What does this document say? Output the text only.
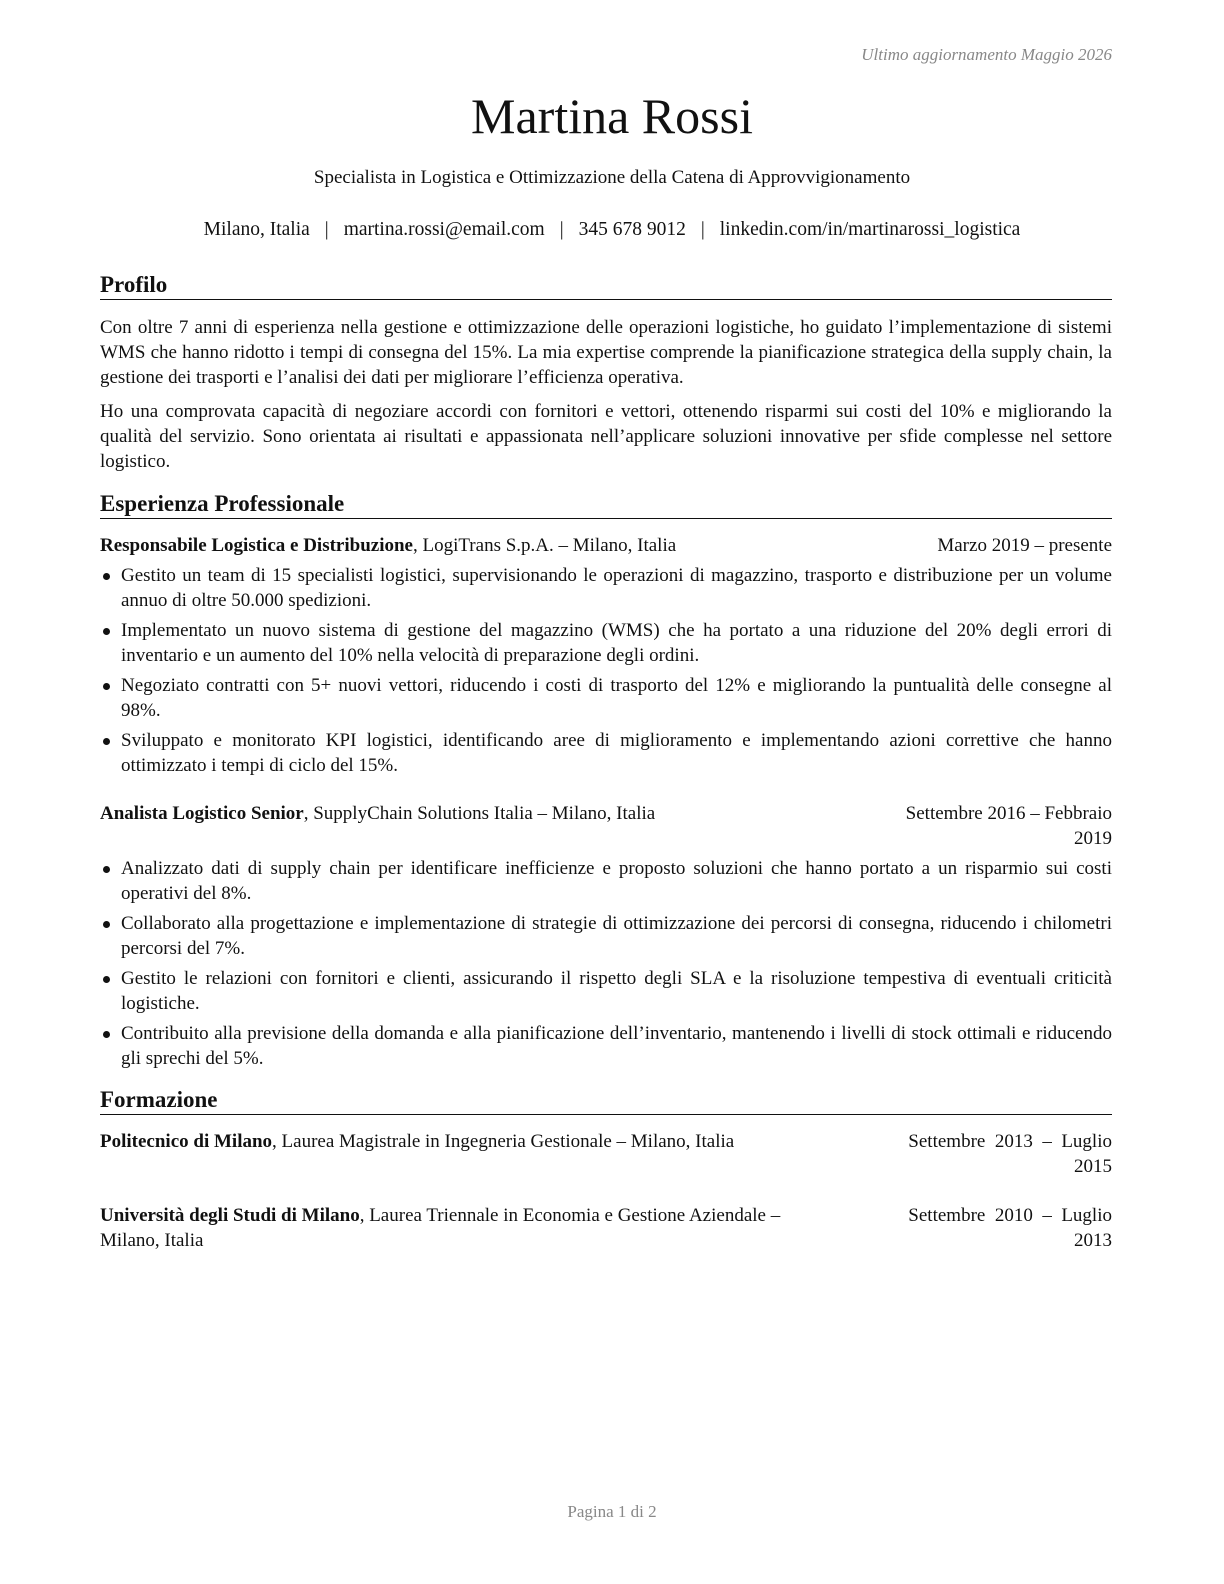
Ultimo aggiornamento Maggio 2026
Martina Rossi
Specialista in Logistica e Ottimizzazione della Catena di Approvvigionamento
Milano, Italia | martina.rossi@email.com | 345 678 9012 | linkedin.com/in/martinarossi_logistica
Profilo

Con oltre 7 anni di esperienza nella gestione e ottimizzazione delle operazioni logistiche, ho guidato l’implementazione di sistemi WMS che hanno ridotto i tempi di consegna del 15%. La mia expertise comprende la pianificazione strategica della supply chain, la gestione dei trasporti e l’analisi dei dati per migliorare l’efficienza operativa.

Ho una comprovata capacità di negoziare accordi con fornitori e vettori, ottenendo risparmi sui costi del 10% e migliorando la qualità del servizio. Sono orientata ai risultati e appassionata nell’applicare soluzioni innovative per sfide complesse nel settore logistico.

Esperienza Professionale
Responsabile Logistica e Distribuzione, LogiTrans S.p.A. – Milano, Italia	Marzo 2019 – presente
Gestito un team di 15 specialisti logistici, supervisionando le operazioni di magazzino, trasporto e distribuzione per un volume annuo di oltre 50.000 spedizioni.
Implementato un nuovo sistema di gestione del magazzino (WMS) che ha portato a una riduzione del 20% degli errori di inventario e un aumento del 10% nella velocità di preparazione degli ordini.
Negoziato contratti con 5+ nuovi vettori, riducendo i costi di trasporto del 12% e migliorando la puntualità delle consegne al 98%.
Sviluppato e monitorato KPI logistici, identificando aree di miglioramento e implementando azioni correttive che hanno ottimizzato i tempi di ciclo del 15%.
Analista Logistico Senior, SupplyChain Solutions Italia – Milano, Italia	Settembre 2016 – Febbraio
2019
Analizzato dati di supply chain per identificare inefficienze e proposto soluzioni che hanno portato a un risparmio sui costi operativi del 8%.
Collaborato alla progettazione e implementazione di strategie di ottimizzazione dei percorsi di consegna, riducendo i chilometri percorsi del 7%.
Gestito le relazioni con fornitori e clienti, assicurando il rispetto degli SLA e la risoluzione tempestiva di eventuali criticità logistiche.
Contribuito alla previsione della domanda e alla pianificazione dell’inventario, mantenendo i livelli di stock ottimali e riducendo gli sprechi del 5%.
Formazione
Politecnico di Milano, Laurea Magistrale in Ingegneria Gestionale – Milano, Italia	Settembre  2013  –  Luglio
2015
Università degli Studi di Milano, Laurea Triennale in Economia e Gestione Aziendale –
Milano, Italia
Settembre  2010  –  Luglio
2013
Pagina 1 di 2
